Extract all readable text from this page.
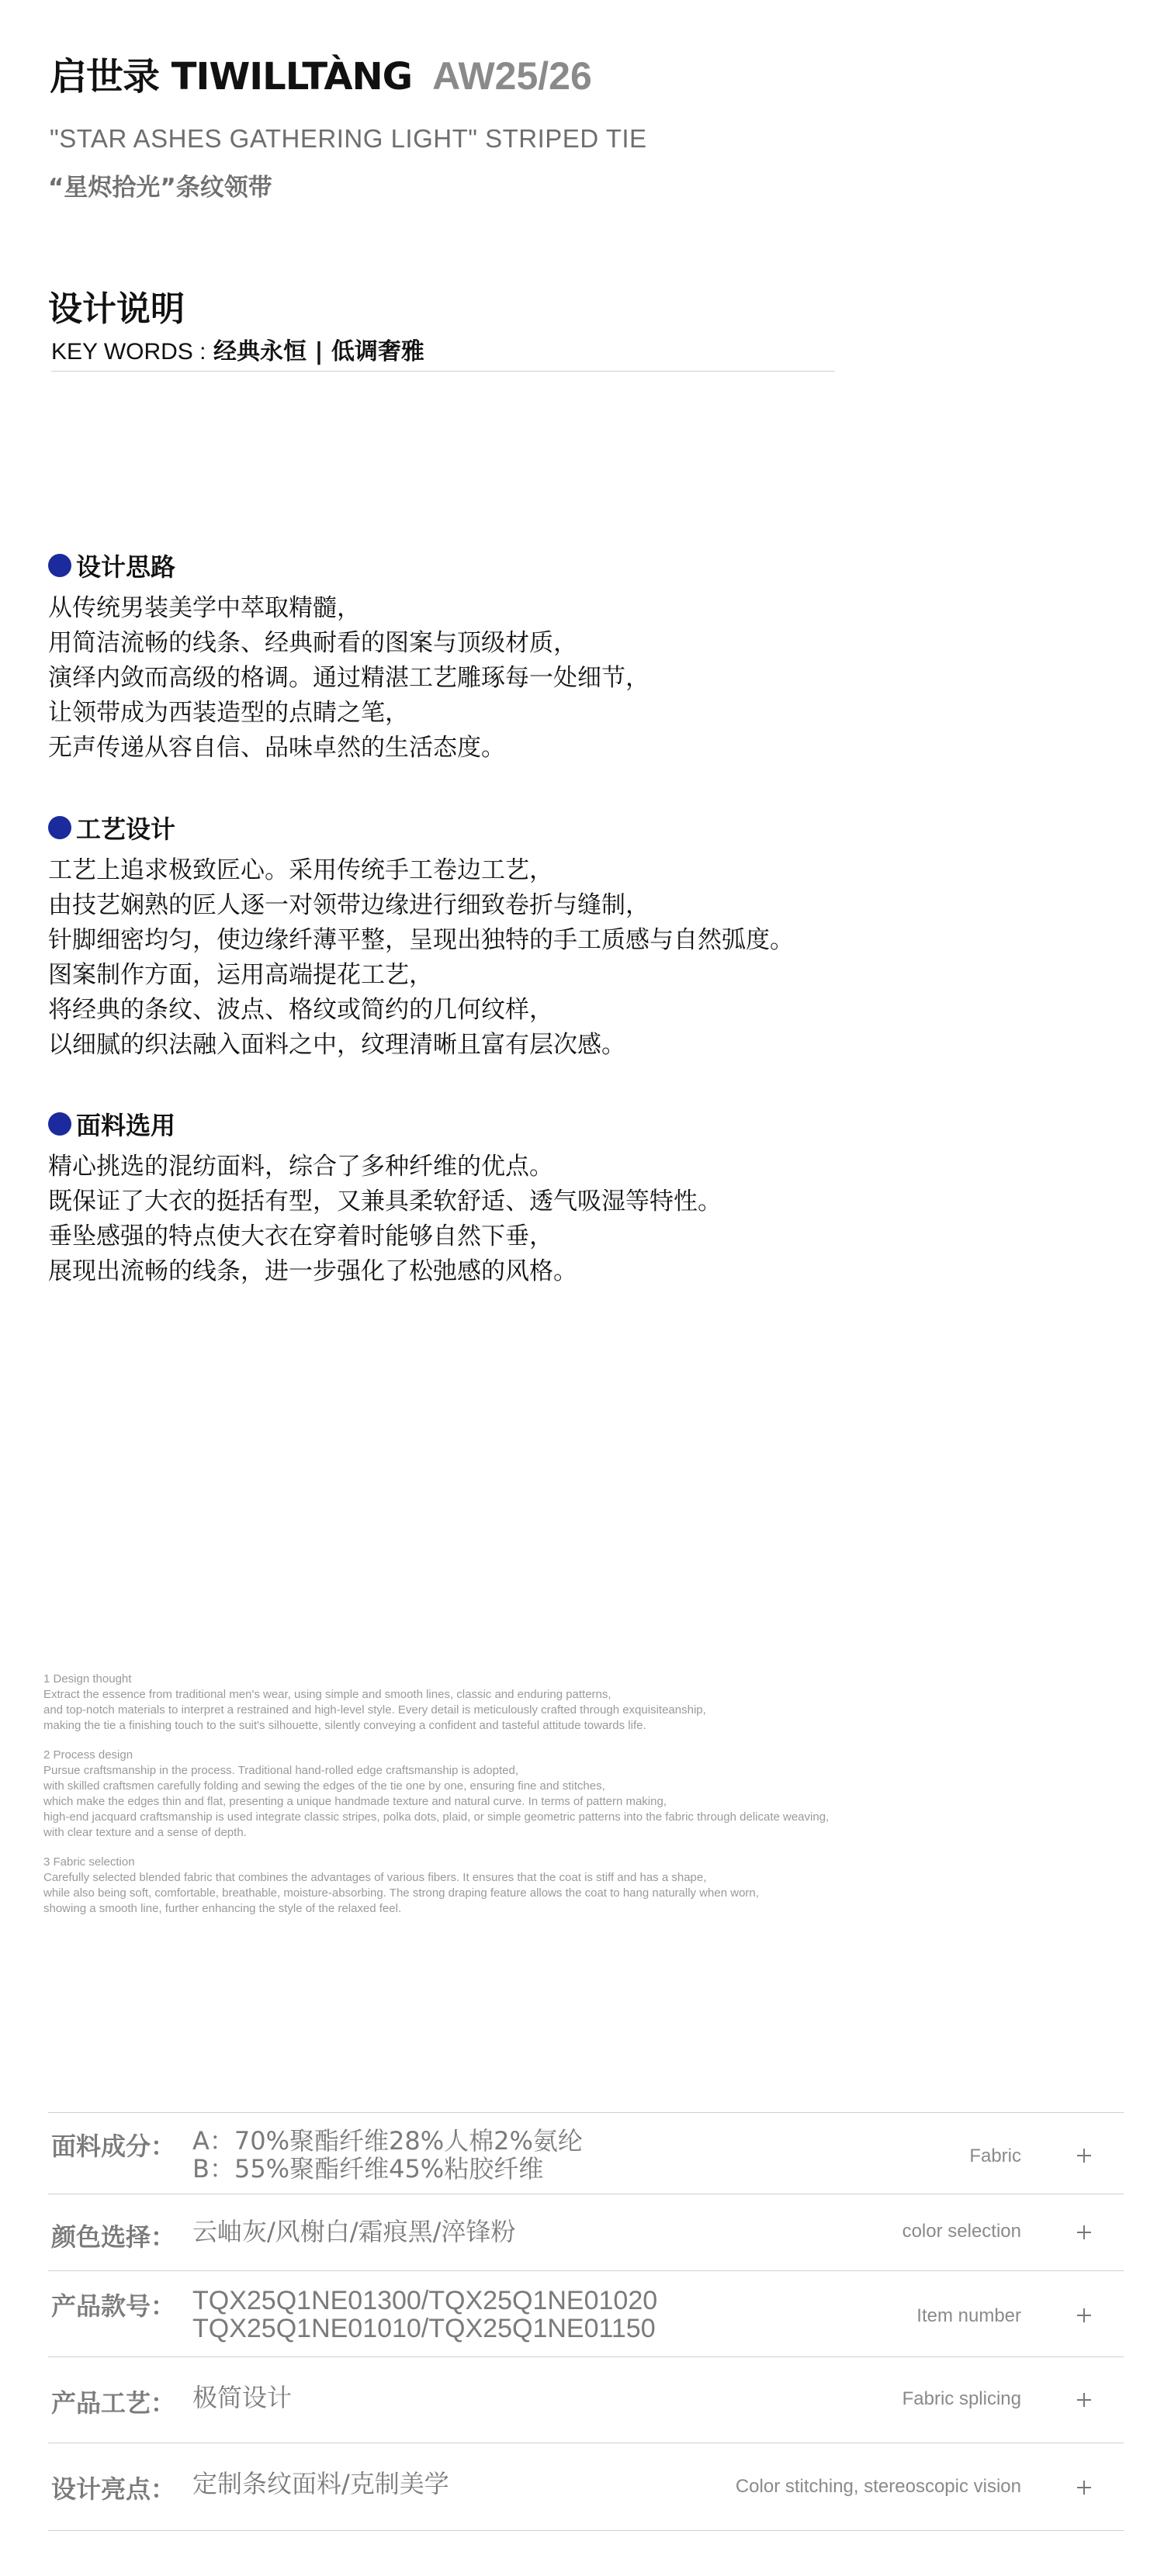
启世录 TIWILLTÀNG AW25/26
"STAR ASHES GATHERING LIGHT" STRIPED TIE
“星烬拾光”条纹领带
设计说明
KEY WORDS : 经典永恒 | 低调奢雅
设计思路
从传统男装美学中萃取精髓，
用简洁流畅的线条、经典耐看的图案与顶级材质，
演绎内敛而高级的格调。通过精湛工艺雕琢每一处细节，
让领带成为西装造型的点睛之笔，
无声传递从容自信、品味卓然的生活态度。
工艺设计
工艺上追求极致匠心。采用传统手工卷边工艺，
由技艺娴熟的匠人逐一对领带边缘进行细致卷折与缝制，
针脚细密均匀，使边缘纤薄平整，呈现出独特的手工质感与自然弧度。
图案制作方面，运用高端提花工艺，
将经典的条纹、波点、格纹或简约的几何纹样，
以细腻的织法融入面料之中，纹理清晰且富有层次感。
面料选用
精心挑选的混纺面料，综合了多种纤维的优点。
既保证了大衣的挺括有型，又兼具柔软舒适、透气吸湿等特性。
垂坠感强的特点使大衣在穿着时能够自然下垂，
展现出流畅的线条，进一步强化了松弛感的风格。
1 Design thought
Extract the essence from traditional men's wear, using simple and smooth lines, classic and enduring patterns,
and top-notch materials to interpret a restrained and high-level style. Every detail is meticulously crafted through exquisiteanship,
making the tie a finishing touch to the suit's silhouette, silently conveying a confident and tasteful attitude towards life.
2 Process design
Pursue craftsmanship in the process. Traditional hand-rolled edge craftsmanship is adopted,
with skilled craftsmen carefully folding and sewing the edges of the tie one by one, ensuring fine and stitches,
which make the edges thin and flat, presenting a unique handmade texture and natural curve. In terms of pattern making,
high-end jacquard craftsmanship is used integrate classic stripes, polka dots, plaid, or simple geometric patterns into the fabric through delicate weaving,
with clear texture and a sense of depth.
3 Fabric selection
Carefully selected blended fabric that combines the advantages of various fibers. It ensures that the coat is stiff and has a shape,
while also being soft, comfortable, breathable, moisture-absorbing. The strong draping feature allows the coat to hang naturally when worn,
showing a smooth line, further enhancing the style of the relaxed feel.
面料成分： A：70%聚酯纤维28%人棉2%氨纶
B：55%聚酯纤维45%粘胶纤维	Fabric
颜色选择： 云岫灰/风榭白/霜痕黑/淬锋粉	color selection
产品款号： TQX25Q1NE01300/TQX25Q1NE01020
TQX25Q1NE01010/TQX25Q1NE01150	Item number
产品工艺： 极简设计	Fabric splicing
设计亮点： 定制条纹面料/克制美学	Color stitching, stereoscopic vision
